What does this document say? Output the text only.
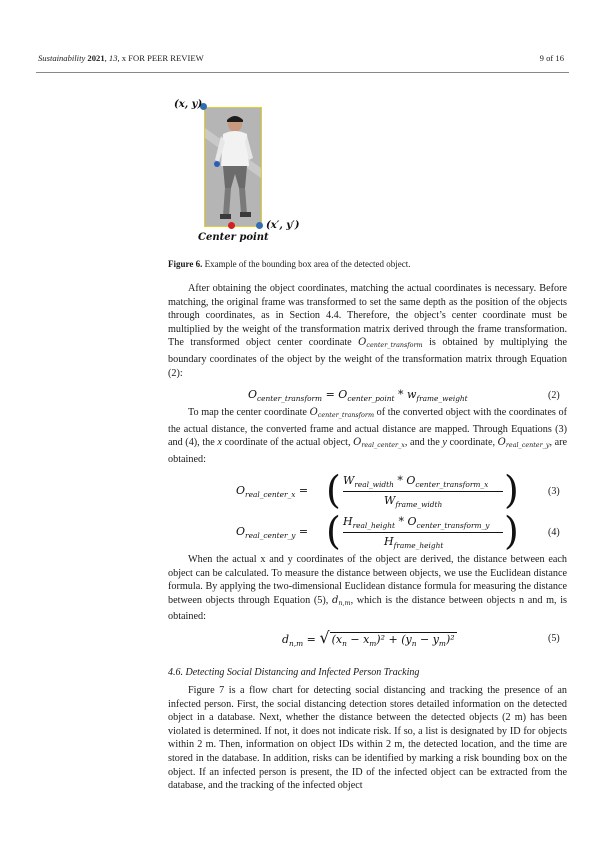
Sustainability 2021, 13, x FOR PEER REVIEW	9 of 16
(x, y)
(x′, y′)
Center point
Figure 6. Example of the bounding box area of the detected object.

After obtaining the object coordinates, matching the actual coordinates is necessary. Before matching, the original frame was transformed to set the same depth as the position of the objects through coordinates, as in Section 4.4. Therefore, the object’s center coordinate must be multiplied by the weight of the transformation matrix derived through the frame transformation. The transformed object center coordinate $O_{center\_transform}$ is obtained by multiplying the boundary coordinates of the object by the weight of the transformation matrix through Equation (2):

$O_{center\_transform} = O_{center\_point} * w_{frame\_weight}$	(2)

To map the center coordinate $O_{center\_transform}$ of the converted object with the coordinates of the actual distance, the converted frame and actual distance are mapped. Through Equations (3) and (4), the x coordinate of the actual object, $O_{real\_center\_x}$, and the y coordinate, $O_{real\_center\_y}$, are obtained:

$O_{real\_center\_x}$ = ( $W_{real\_width} * O_{center\_transform\_x}$
$W_{frame\_width}$ )	(3)
$O_{real\_center\_y}$ = ( $H_{real\_height} * O_{center\_transform\_y}$
$H_{frame\_height}$ )	(4)

When the actual x and y coordinates of the object are derived, the distance between each object can be calculated. To measure the distance between objects, we use the Euclidean distance formula. By applying the two-dimensional Euclidean distance formula for measuring the distance between objects through Equation (5), $d_{n,m}$, which is the distance between objects n and m, is obtained:

$d_{n,m}$ = √ $(x_n - x_m)^2 + (y_n - y_m)^2$	(5)
4.6. Detecting Social Distancing and Infected Person Tracking

Figure 7 is a flow chart for detecting social distancing and tracking the presence of an infected person. First, the social distancing detection stores detailed information on the detected object in a database. Next, whether the distance between the detected objects (2 m) has been violated is determined. If not, it does not indicate risk. If so, a list is designated by ID for objects within 2 m. Then, information on object IDs within 2 m, the detected location, and the time are stored in the database. In addition, risks can be identified by marking a risk bounding box on the object. If an infected person is present, the ID of the infected object can be extracted from the database, and the tracking of the infected object
